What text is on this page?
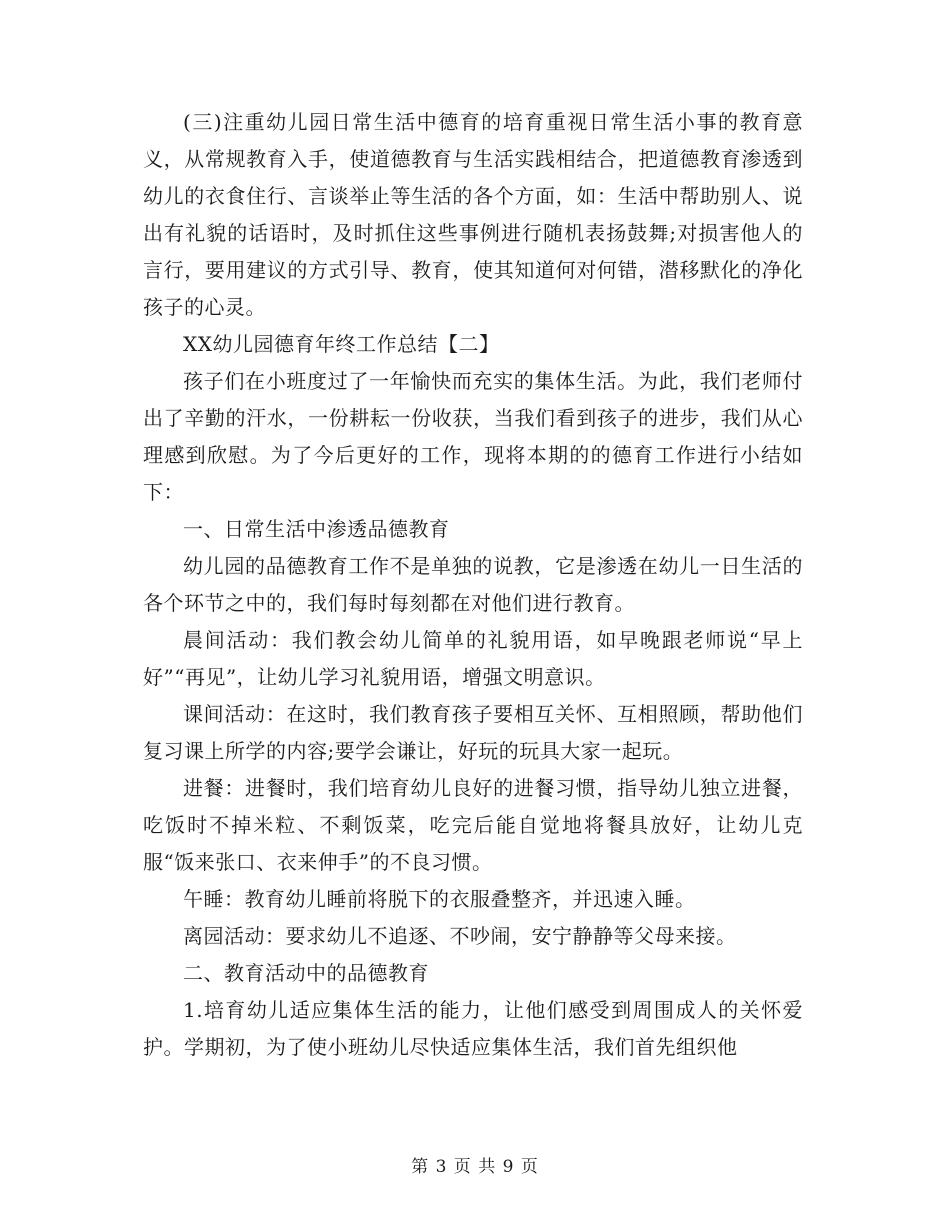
(三)注重幼儿园日常生活中德育的培育重视日常生活小事的教育意义，从常规教育入手，使道德教育与生活实践相结合，把道德教育渗透到幼儿的衣食住行、言谈举止等生活的各个方面，如：生活中帮助别人、说出有礼貌的话语时，及时抓住这些事例进行随机表扬鼓舞;对损害他人的言行，要用建议的方式引导、教育，使其知道何对何错，潜移默化的净化孩子的心灵。

XX幼儿园德育年终工作总结【二】

孩子们在小班度过了一年愉快而充实的集体生活。为此，我们老师付出了辛勤的汗水，一份耕耘一份收获，当我们看到孩子的进步，我们从心理感到欣慰。为了今后更好的工作，现将本期的的德育工作进行小结如下：

一、日常生活中渗透品德教育

幼儿园的品德教育工作不是单独的说教，它是渗透在幼儿一日生活的各个环节之中的，我们每时每刻都在对他们进行教育。

晨间活动：我们教会幼儿简单的礼貌用语，如早晚跟老师说“早上好”“再见”，让幼儿学习礼貌用语，增强文明意识。

课间活动：在这时，我们教育孩子要相互关怀、互相照顾，帮助他们复习课上所学的内容;要学会谦让，好玩的玩具大家一起玩。

进餐：进餐时，我们培育幼儿良好的进餐习惯，指导幼儿独立进餐，吃饭时不掉米粒、不剩饭菜，吃完后能自觉地将餐具放好，让幼儿克服“饭来张口、衣来伸手”的不良习惯。

午睡：教育幼儿睡前将脱下的衣服叠整齐，并迅速入睡。

离园活动：要求幼儿不追逐、不吵闹，安宁静静等父母来接。

二、教育活动中的品德教育

1.培育幼儿适应集体生活的能力，让他们感受到周围成人的关怀爱护。学期初，为了使小班幼儿尽快适应集体生活，我们首先组织他

第 3 页 共 9 页
